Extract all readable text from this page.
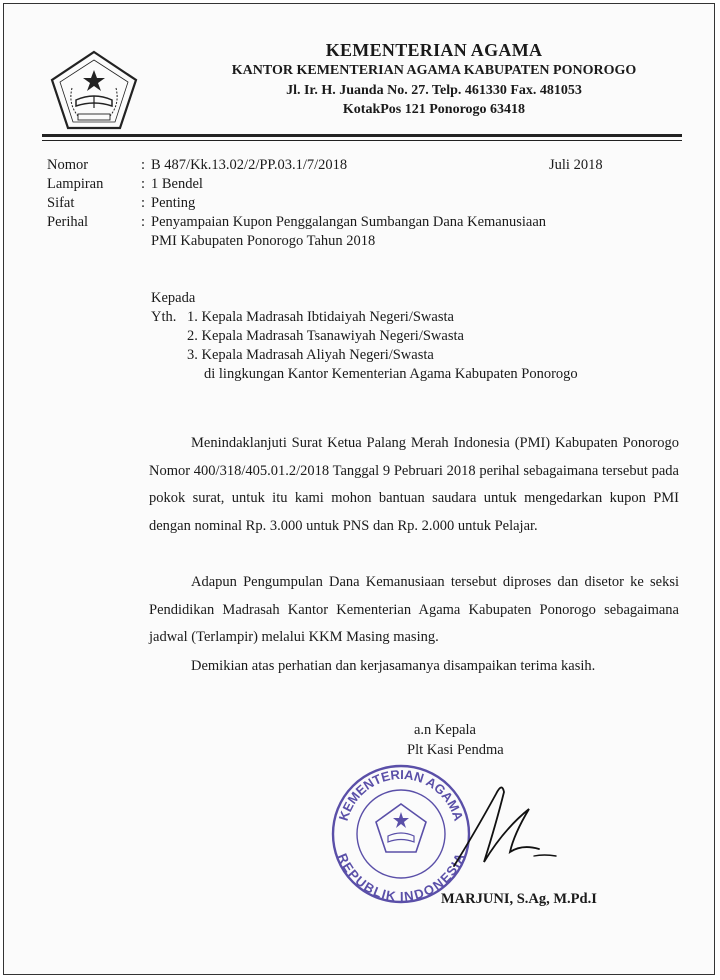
KEMENTERIAN AGAMA
KANTOR KEMENTERIAN AGAMA KABUPATEN PONOROGO
Jl. Ir. H. Juanda No. 27. Telp. 461330 Fax. 481053
KotakPos 121 Ponorogo 63418
Nomor	: B 487/Kk.13.02/2/PP.03.1/7/2018	Juli 2018
Lampiran	: 1 Bendel
Sifat	: Penting
Perihal	: Penyampaian Kupon Penggalangan Sumbangan Dana Kemanusiaan
PMI Kabupaten Ponorogo Tahun 2018
Kepada
Yth. 1. Kepala Madrasah Ibtidaiyah Negeri/Swasta
2. Kepala Madrasah Tsanawiyah Negeri/Swasta
3. Kepala Madrasah Aliyah Negeri/Swasta
di lingkungan Kantor Kementerian Agama Kabupaten Ponorogo
Menindaklanjuti Surat Ketua Palang Merah Indonesia (PMI) Kabupaten Ponorogo Nomor 400/318/405.01.2/2018 Tanggal 9 Pebruari 2018 perihal sebagaimana tersebut pada pokok surat, untuk itu kami mohon bantuan saudara untuk mengedarkan kupon PMI dengan nominal Rp. 3.000 untuk PNS dan Rp. 2.000 untuk Pelajar.
Adapun Pengumpulan Dana Kemanusiaan tersebut diproses dan disetor ke seksi Pendidikan Madrasah Kantor Kementerian Agama Kabupaten Ponorogo sebagaimana jadwal (Terlampir) melalui KKM Masing masing.
Demikian atas perhatian dan kerjasamanya disampaikan terima kasih.
a.n Kepala
Plt Kasi Pendma
KEMENTERIAN AGAMA
REPUBLIK INDONESIA
MARJUNI, S.Ag, M.Pd.I
